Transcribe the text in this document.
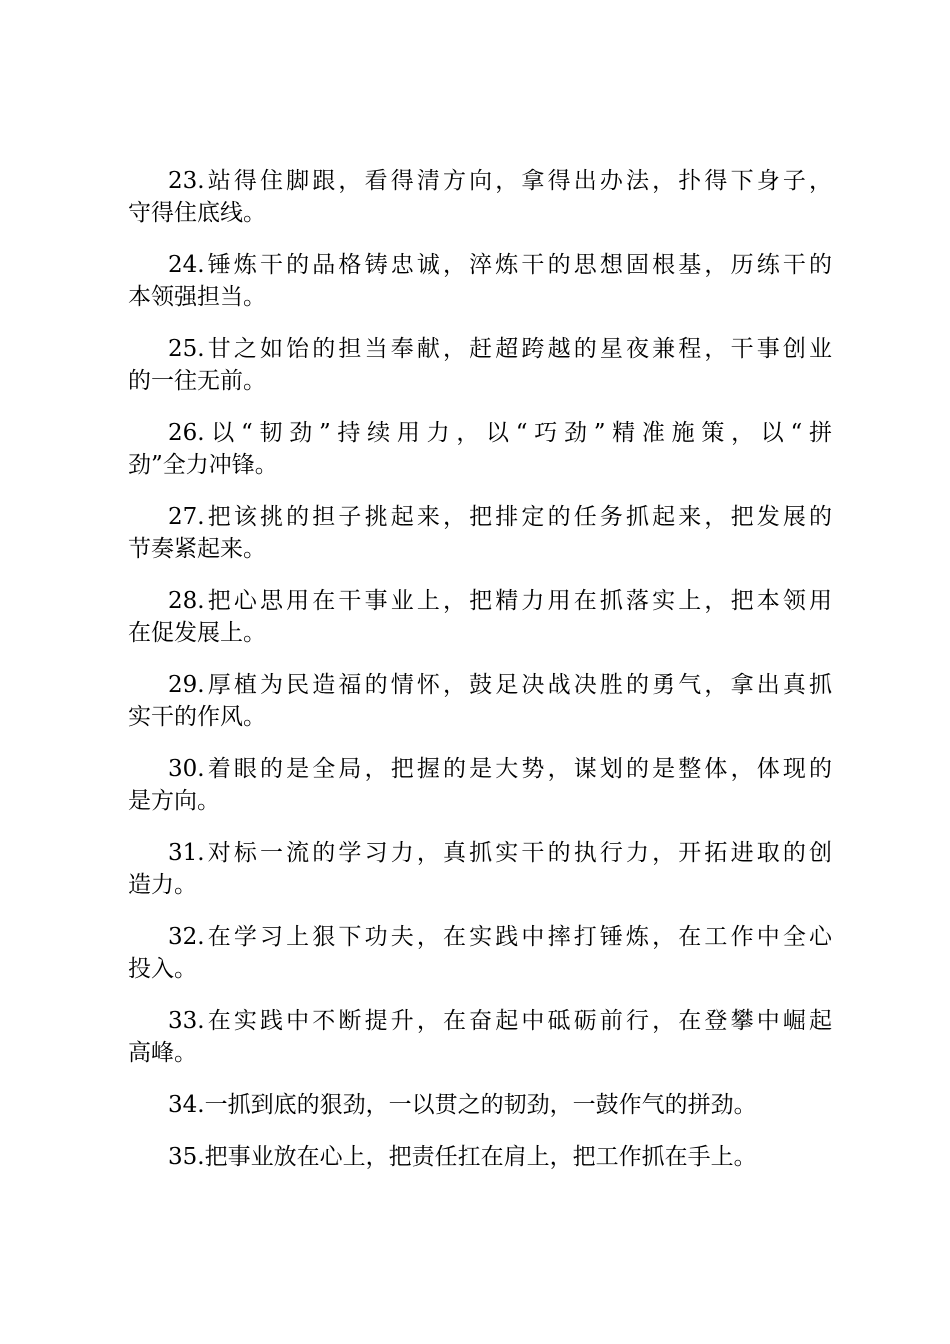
23.站得住脚跟，看得清方向，拿得出办法，扑得下身子，
守得住底线。
24.锤炼干的品格铸忠诚，淬炼干的思想固根基，历练干的
本领强担当。
25.甘之如饴的担当奉献，赶超跨越的星夜兼程，干事创业
的一往无前。
26.以“韧劲”持续用力，以“巧劲”精准施策，以“拼
劲”全力冲锋。
27.把该挑的担子挑起来，把排定的任务抓起来，把发展的
节奏紧起来。
28.把心思用在干事业上，把精力用在抓落实上，把本领用
在促发展上。
29.厚植为民造福的情怀，鼓足决战决胜的勇气，拿出真抓
实干的作风。
30.着眼的是全局，把握的是大势，谋划的是整体，体现的
是方向。
31.对标一流的学习力，真抓实干的执行力，开拓进取的创
造力。
32.在学习上狠下功夫，在实践中摔打锤炼，在工作中全心
投入。
33.在实践中不断提升，在奋起中砥砺前行，在登攀中崛起
高峰。
34.一抓到底的狠劲，一以贯之的韧劲，一鼓作气的拼劲。
35.把事业放在心上，把责任扛在肩上，把工作抓在手上。
